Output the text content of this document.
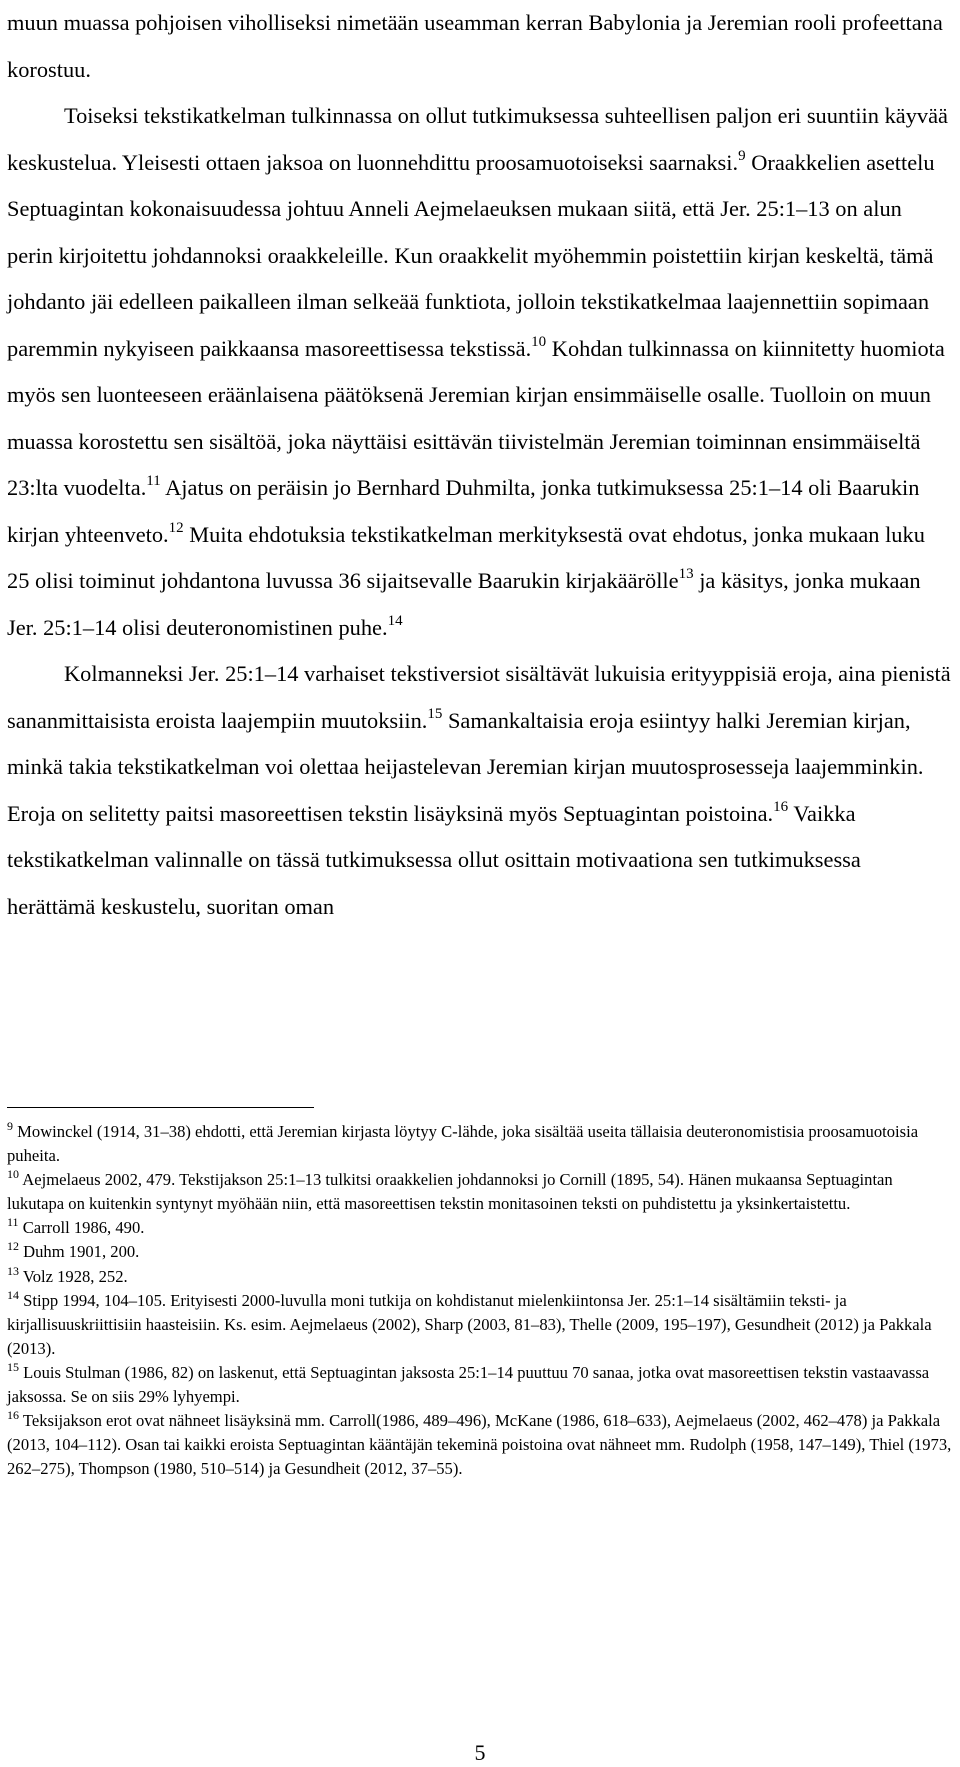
muun muassa pohjoisen viholliseksi nimetään useamman kerran Babylonia ja Jeremian rooli profeettana korostuu.

Toiseksi tekstikatkelman tulkinnassa on ollut tutkimuksessa suhteellisen paljon eri suuntiin käyvää keskustelua. Yleisesti ottaen jaksoa on luonnehdittu proosamuotoiseksi saarnaksi.$^9$ Oraakkelien asettelu Septuagintan kokonaisuudessa johtuu Anneli Aejmelaeuksen mukaan siitä, että Jer. 25:1–13 on alun perin kirjoitettu johdannoksi oraakkeleille. Kun oraakkelit myöhemmin poistettiin kirjan keskeltä, tämä johdanto jäi edelleen paikalleen ilman selkeää funktiota, jolloin tekstikatkelmaa laajennettiin sopimaan paremmin nykyiseen paikkaansa masoreettisessa tekstissä.$^{10}$ Kohdan tulkinnassa on kiinnitetty huomiota myös sen luonteeseen eräänlaisena päätöksenä Jeremian kirjan ensimmäiselle osalle. Tuolloin on muun muassa korostettu sen sisältöä, joka näyttäisi esittävän tiivistelmän Jeremian toiminnan ensimmäiseltä 23:lta vuodelta.$^{11}$ Ajatus on peräisin jo Bernhard Duhmilta, jonka tutkimuksessa 25:1–14 oli Baarukin kirjan yhteenveto.$^{12}$ Muita ehdotuksia tekstikatkelman merkityksestä ovat ehdotus, jonka mukaan luku 25 olisi toiminut johdantona luvussa 36 sijaitsevalle Baarukin kirjakäärölle$^{13}$ ja käsitys, jonka mukaan Jer. 25:1–14 olisi deuteronomistinen puhe.$^{14}$

Kolmanneksi Jer. 25:1–14 varhaiset tekstiversiot sisältävät lukuisia erityyppisiä eroja, aina pienistä sananmittaisista eroista laajempiin muutoksiin.$^{15}$ Samankaltaisia eroja esiintyy halki Jeremian kirjan, minkä takia tekstikatkelman voi olettaa heijastelevan Jeremian kirjan muutosprosesseja laajemminkin. Eroja on selitetty paitsi masoreettisen tekstin lisäyksinä myös Septuagintan poistoina.$^{16}$ Vaikka tekstikatkelman valinnalle on tässä tutkimuksessa ollut osittain motivaationa sen tutkimuksessa herättämä keskustelu, suoritan oman

$^9$ Mowinckel (1914, 31–38) ehdotti, että Jeremian kirjasta löytyy C-lähde, joka sisältää useita tällaisia deuteronomistisia proosamuotoisia puheita.

$^{10}$ Aejmelaeus 2002, 479. Tekstijakson 25:1–13 tulkitsi oraakkelien johdannoksi jo Cornill (1895, 54). Hänen mukaansa Septuagintan lukutapa on kuitenkin syntynyt myöhään niin, että masoreettisen tekstin monitasoinen teksti on puhdistettu ja yksinkertaistettu.

$^{11}$ Carroll 1986, 490.

$^{12}$ Duhm 1901, 200.

$^{13}$ Volz 1928, 252.

$^{14}$ Stipp 1994, 104–105. Erityisesti 2000-luvulla moni tutkija on kohdistanut mielenkiintonsa Jer. 25:1–14 sisältämiin teksti- ja kirjallisuuskriittisiin haasteisiin. Ks. esim. Aejmelaeus (2002), Sharp (2003, 81–83), Thelle (2009, 195–197), Gesundheit (2012) ja Pakkala (2013).

$^{15}$ Louis Stulman (1986, 82) on laskenut, että Septuagintan jaksosta 25:1–14 puuttuu 70 sanaa, jotka ovat masoreettisen tekstin vastaavassa jaksossa. Se on siis 29% lyhyempi.

$^{16}$ Teksijakson erot ovat nähneet lisäyksinä mm. Carroll(1986, 489–496), McKane (1986, 618–633), Aejmelaeus (2002, 462–478) ja Pakkala (2013, 104–112). Osan tai kaikki eroista Septuagintan kääntäjän tekeminä poistoina ovat nähneet mm. Rudolph (1958, 147–149), Thiel (1973, 262–275), Thompson (1980, 510–514) ja Gesundheit (2012, 37–55).

5
